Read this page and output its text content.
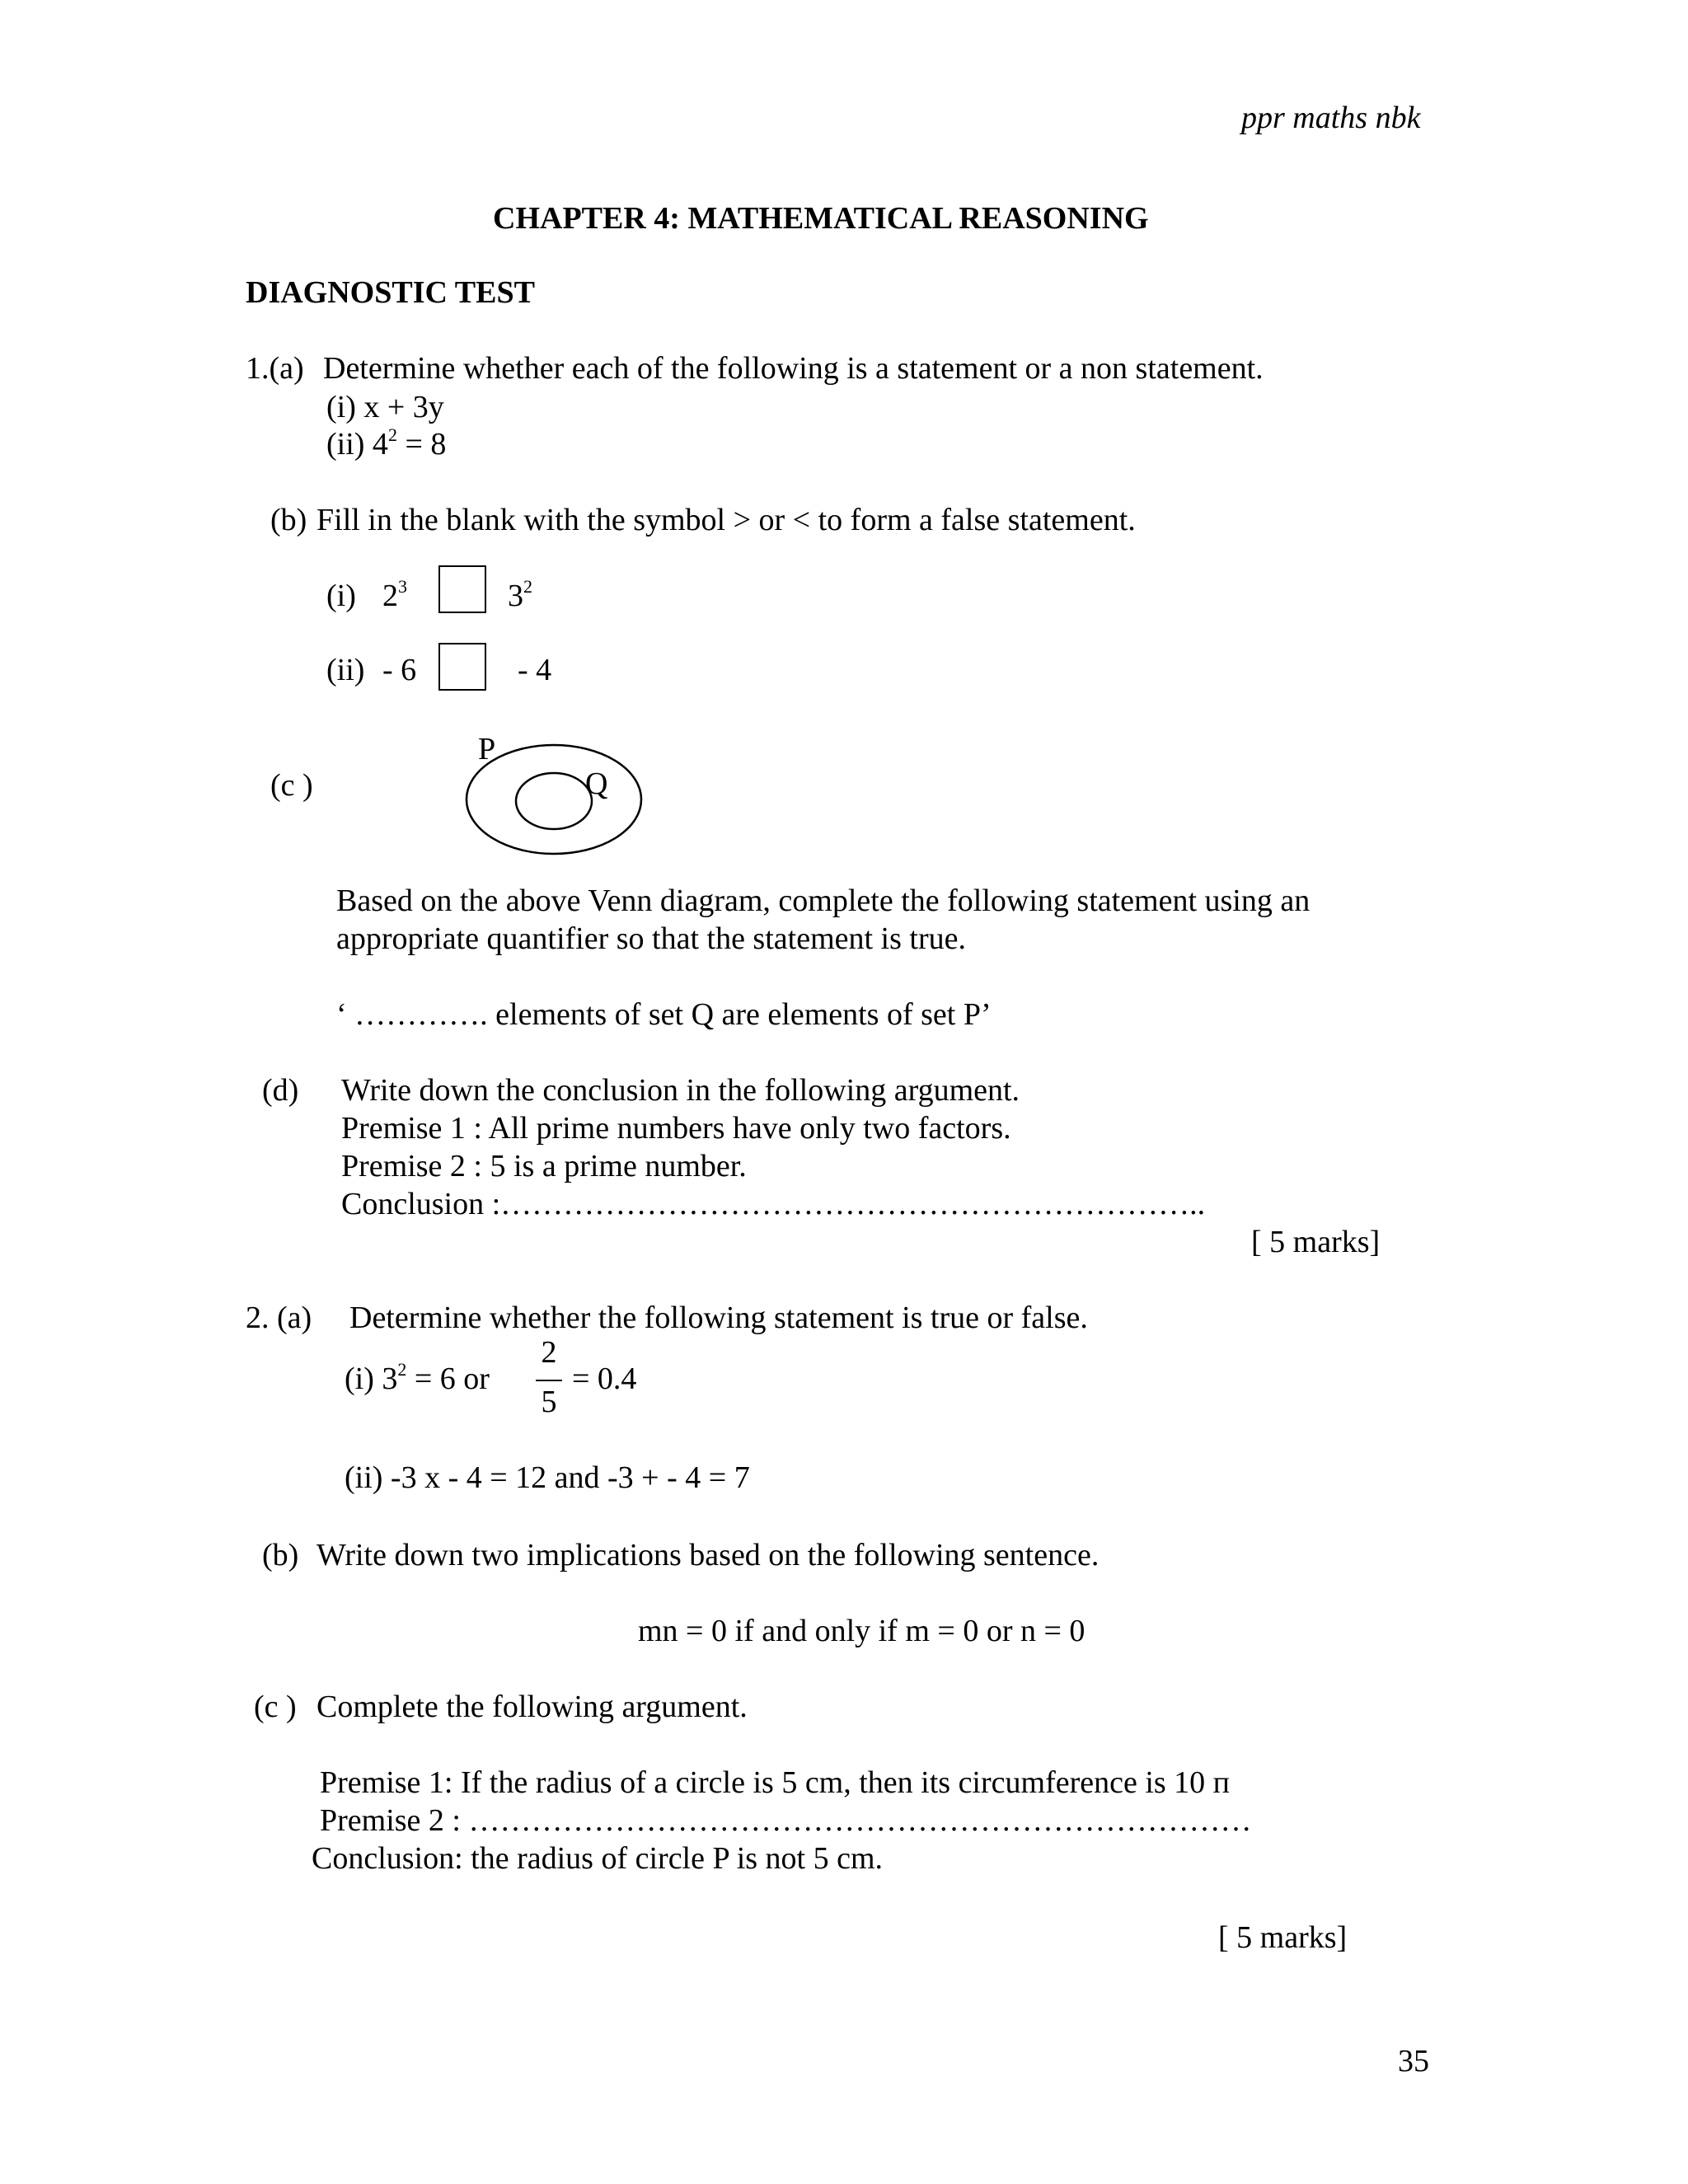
ppr maths nbk
CHAPTER 4: MATHEMATICAL REASONING
DIAGNOSTIC TEST
1.(a) Determine whether each of the following is a statement or a non statement.
(i) x + 3y
(ii) $4^2 = 8$
(b) Fill in the blank with the symbol > or < to form a false statement.
(i) $2^3$	$3^2$
(ii) - 6	- 4
(c )
P
Q
Based on the above Venn diagram, complete the following statement using an
appropriate quantifier so that the statement is true.
‘ …………. elements of set Q are elements of set P’
(d) Write down the conclusion in the following argument.
Premise 1 : All prime numbers have only two factors.
Premise 2 : 5 is a prime number.
Conclusion :…………………………………………………………..
[ 5 marks]
2. (a) Determine whether the following statement is true or false.
(i) $3^2 = 6$ or
2
5
= 0.4
(ii) -3 x - 4 = 12 and -3 + - 4 = 7
(b) Write down two implications based on the following sentence.
mn = 0 if and only if m = 0 or n = 0
(c ) Complete the following argument.
Premise 1: If the radius of a circle is 5 cm, then its circumference is 10 п
Premise 2 : …………………………………………………………………
Conclusion: the radius of circle P is not 5 cm.
[ 5 marks]
35
